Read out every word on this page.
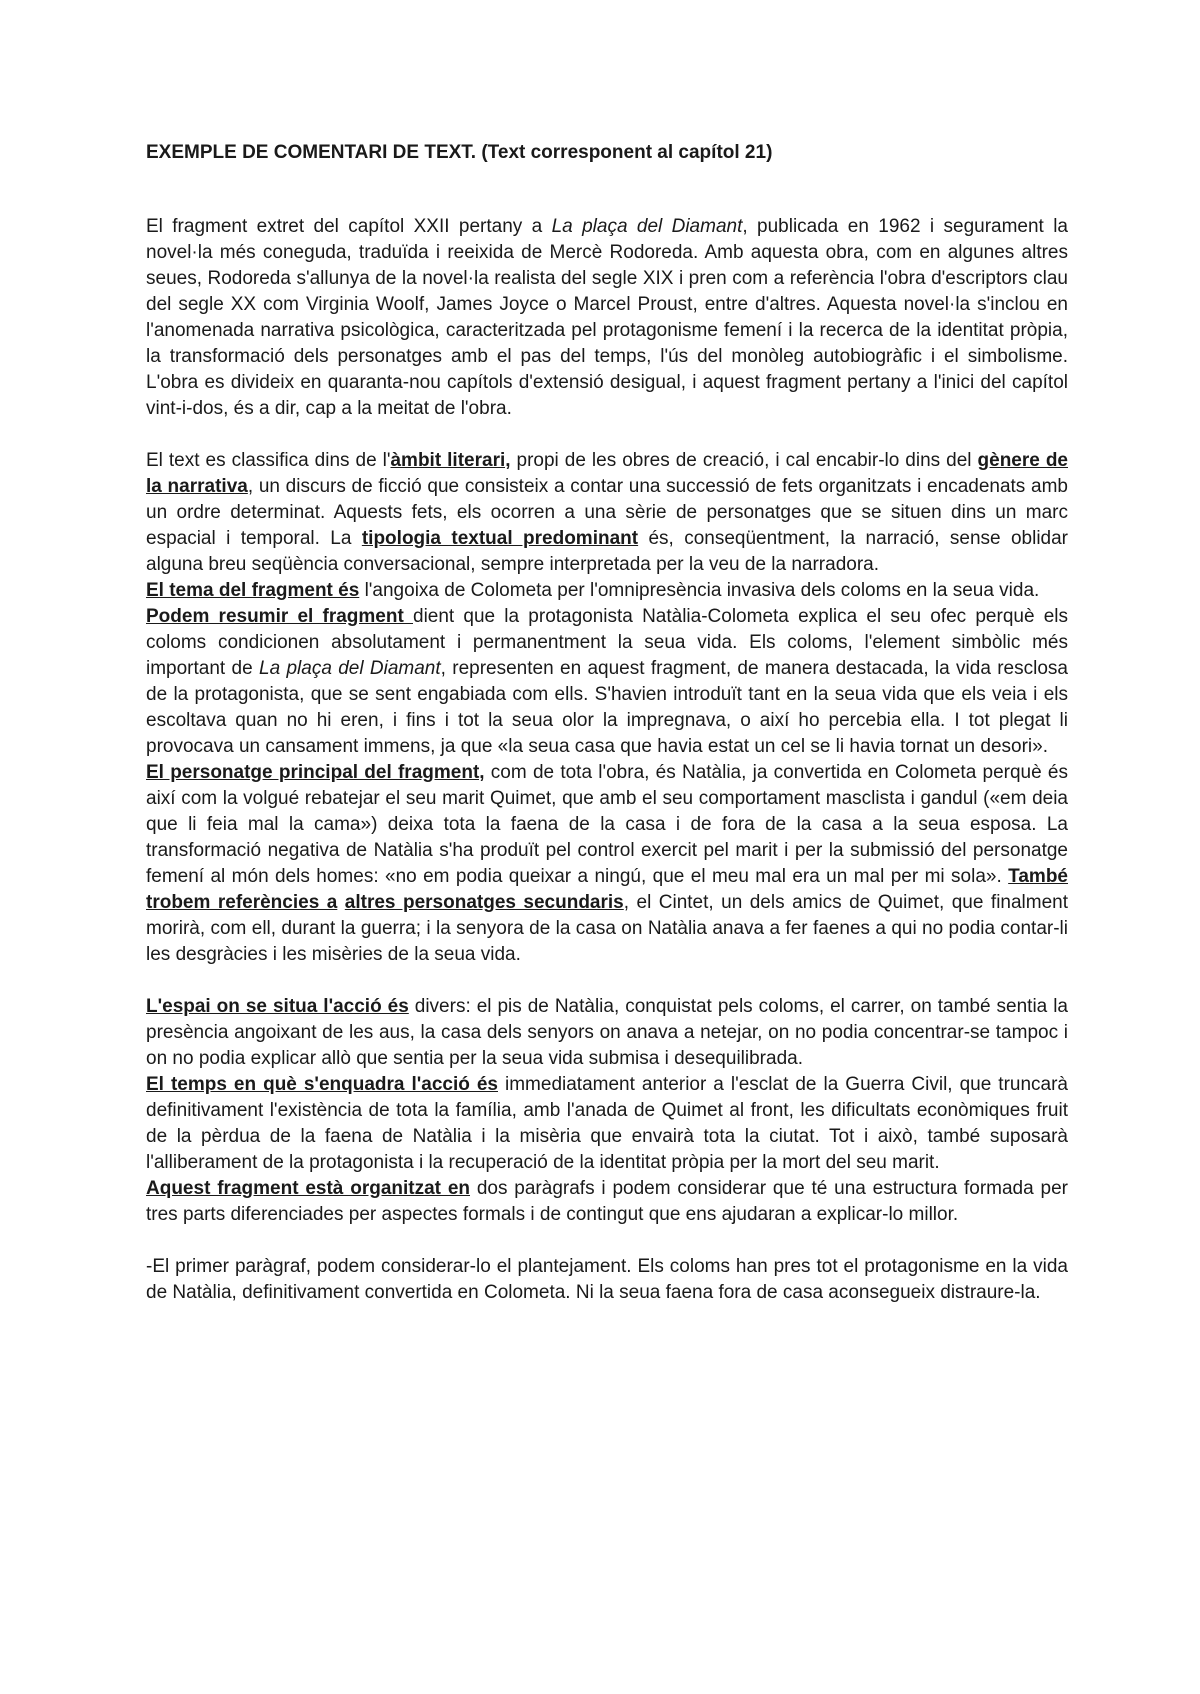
EXEMPLE DE COMENTARI DE TEXT. (Text corresponent al capítol 21)

El fragment extret del capítol XXII pertany a La plaça del Diamant, publicada en 1962 i segurament la novel·la més coneguda, traduïda i reeixida de Mercè Rodoreda. Amb aquesta obra, com en algunes altres seues, Rodoreda s'allunya de la novel·la realista del segle XIX i pren com a referència l'obra d'escriptors clau del segle XX com Virginia Woolf, James Joyce o Marcel Proust, entre d'altres. Aquesta novel·la s'inclou en l'anomenada narrativa psicològica, caracteritzada pel protagonisme femení i la recerca de la identitat pròpia, la transformació dels personatges amb el pas del temps, l'ús del monòleg autobiogràfic i el simbolisme. L'obra es divideix en quaranta-nou capítols d'extensió desigual, i aquest fragment pertany a l'inici del capítol vint-i-dos, és a dir, cap a la meitat de l'obra.

El text es classifica dins de l'àmbit literari, propi de les obres de creació, i cal encabir-lo dins del gènere de la narrativa, un discurs de ficció que consisteix a contar una successió de fets organitzats i encadenats amb un ordre determinat. Aquests fets, els ocorren a una sèrie de personatges que se situen dins un marc espacial i temporal. La tipologia textual predominant és, conseqüentment, la narració, sense oblidar alguna breu seqüència conversacional, sempre interpretada per la veu de la narradora.

El tema del fragment és l'angoixa de Colometa per l'omnipresència invasiva dels coloms en la seua vida.

Podem resumir el fragment dient que la protagonista Natàlia-Colometa explica el seu ofec perquè els coloms condicionen absolutament i permanentment la seua vida. Els coloms, l'element simbòlic més important de La plaça del Diamant, representen en aquest fragment, de manera destacada, la vida resclosa de la protagonista, que se sent engabiada com ells. S'havien introduït tant en la seua vida que els veia i els escoltava quan no hi eren, i fins i tot la seua olor la impregnava, o així ho percebia ella. I tot plegat li provocava un cansament immens, ja que «la seua casa que havia estat un cel se li havia tornat un desori».

El personatge principal del fragment, com de tota l'obra, és Natàlia, ja convertida en Colometa perquè és així com la volgué rebatejar el seu marit Quimet, que amb el seu comportament masclista i gandul («em deia que li feia mal la cama») deixa tota la faena de la casa i de fora de la casa a la seua esposa. La transformació negativa de Natàlia s'ha produït pel control exercit pel marit i per la submissió del personatge femení al món dels homes: «no em podia queixar a ningú, que el meu mal era un mal per mi sola». També trobem referències a altres personatges secundaris, el Cintet, un dels amics de Quimet, que finalment morirà, com ell, durant la guerra; i la senyora de la casa on Natàlia anava a fer faenes a qui no podia contar-li les desgràcies i les misèries de la seua vida.

L'espai on se situa l'acció és divers: el pis de Natàlia, conquistat pels coloms, el carrer, on també sentia la presència angoixant de les aus, la casa dels senyors on anava a netejar, on no podia concentrar-se tampoc i on no podia explicar allò que sentia per la seua vida submisa i desequilibrada.

El temps en què s'enquadra l'acció és immediatament anterior a l'esclat de la Guerra Civil, que truncarà definitivament l'existència de tota la família, amb l'anada de Quimet al front, les dificultats econòmiques fruit de la pèrdua de la faena de Natàlia i la misèria que envairà tota la ciutat. Tot i això, també suposarà l'alliberament de la protagonista i la recuperació de la identitat pròpia per la mort del seu marit.

Aquest fragment està organitzat en dos paràgrafs i podem considerar que té una estructura formada per tres parts diferenciades per aspectes formals i de contingut que ens ajudaran a explicar-lo millor.

-El primer paràgraf, podem considerar-lo el plantejament. Els coloms han pres tot el protagonisme en la vida de Natàlia, definitivament convertida en Colometa. Ni la seua faena fora de casa aconsegueix distraure-la.
